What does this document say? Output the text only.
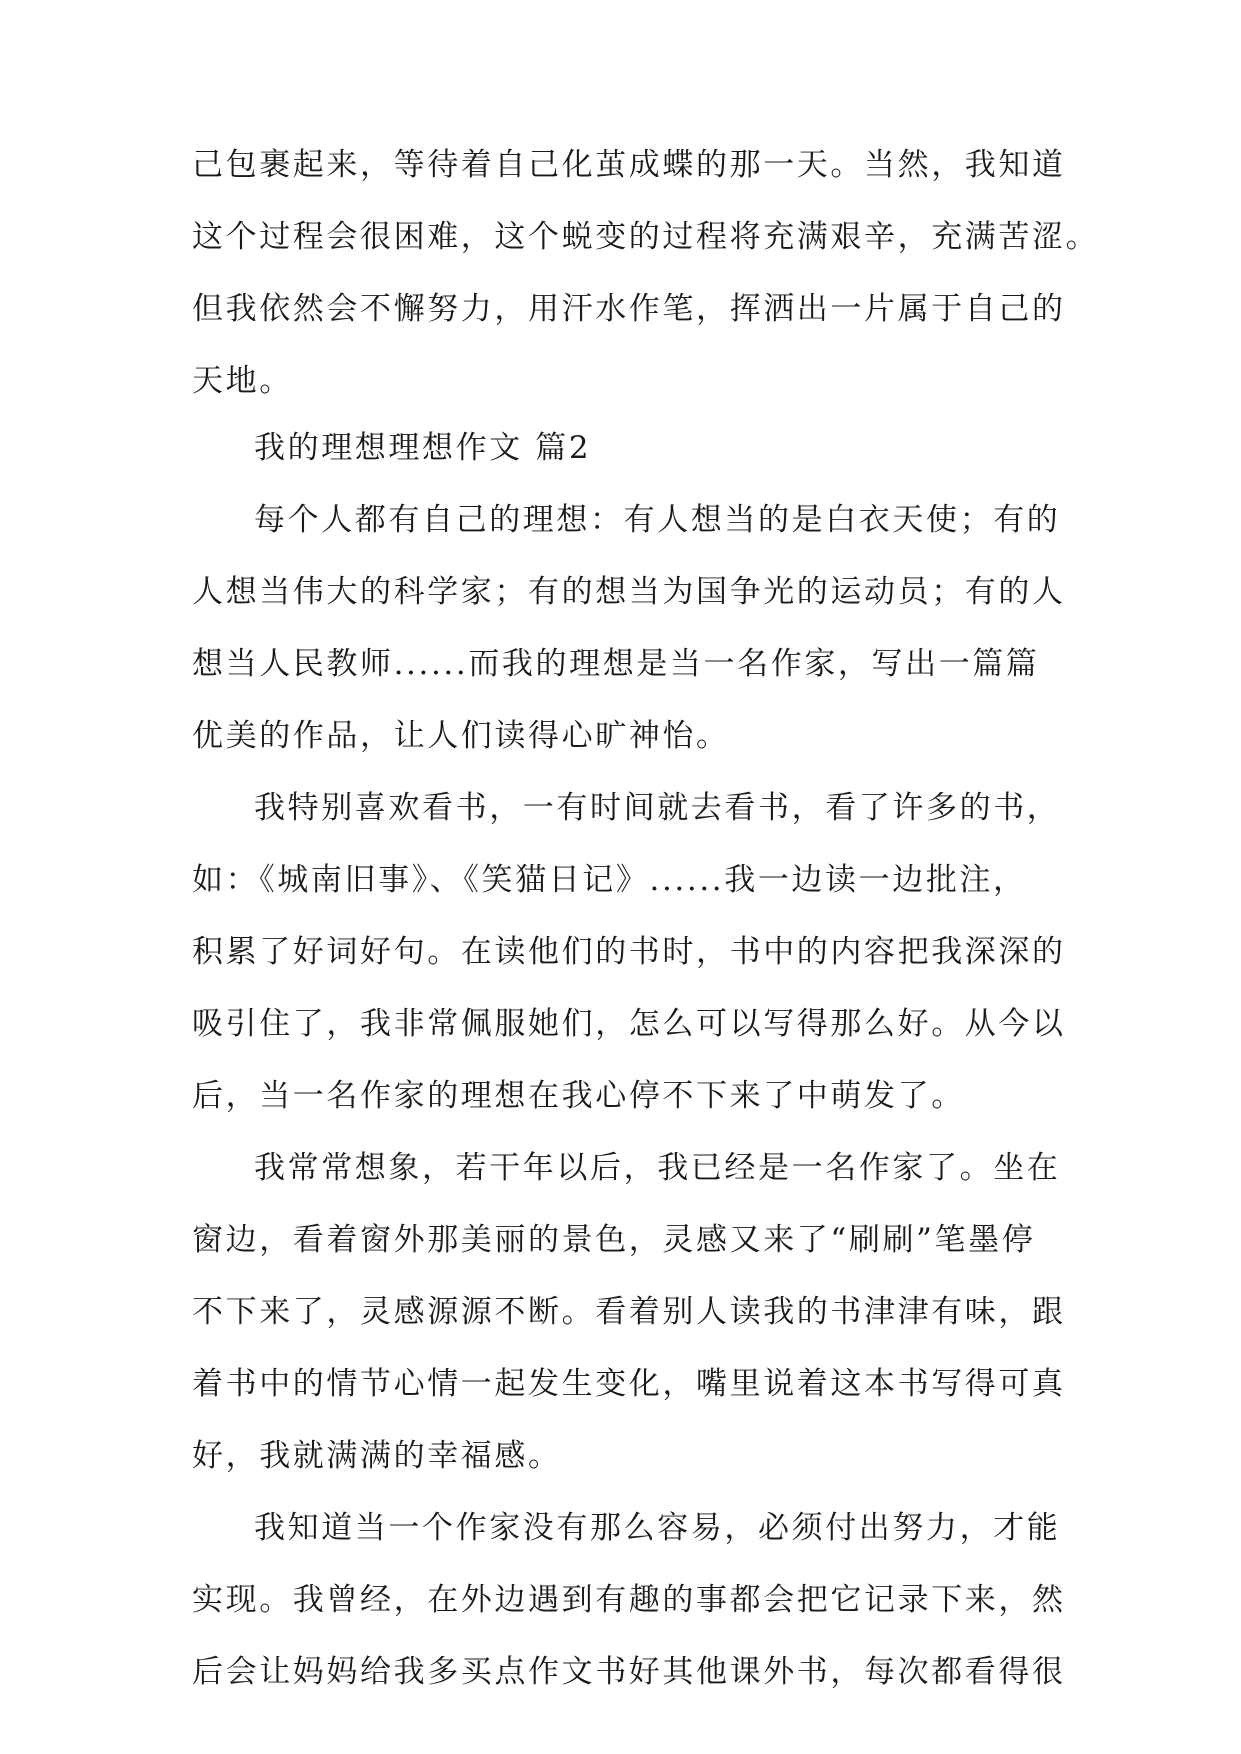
己包裹起来，等待着自己化茧成蝶的那一天。当然，我知道
这个过程会很困难，这个蜕变的过程将充满艰辛，充满苦涩。
但我依然会不懈努力，用汗水作笔，挥洒出一片属于自己的
天地。
我的理想理想作文 篇2
每个人都有自己的理想：有人想当的是白衣天使；有的
人想当伟大的科学家；有的想当为国争光的运动员；有的人
想当人民教师......而我的理想是当一名作家，写出一篇篇
优美的作品，让人们读得心旷神怡。
我特别喜欢看书，一有时间就去看书，看了许多的书，
如：《城南旧事》、《笑猫日记》......我一边读一边批注，
积累了好词好句。在读他们的书时，书中的内容把我深深的
吸引住了，我非常佩服她们，怎么可以写得那么好。从今以
后，当一名作家的理想在我心停不下来了中萌发了。
我常常想象，若干年以后，我已经是一名作家了。坐在
窗边，看着窗外那美丽的景色，灵感又来了“刷刷”笔墨停
不下来了，灵感源源不断。看着别人读我的书津津有味，跟
着书中的情节心情一起发生变化，嘴里说着这本书写得可真
好，我就满满的幸福感。
我知道当一个作家没有那么容易，必须付出努力，才能
实现。我曾经，在外边遇到有趣的事都会把它记录下来，然
后会让妈妈给我多买点作文书好其他课外书，每次都看得很
